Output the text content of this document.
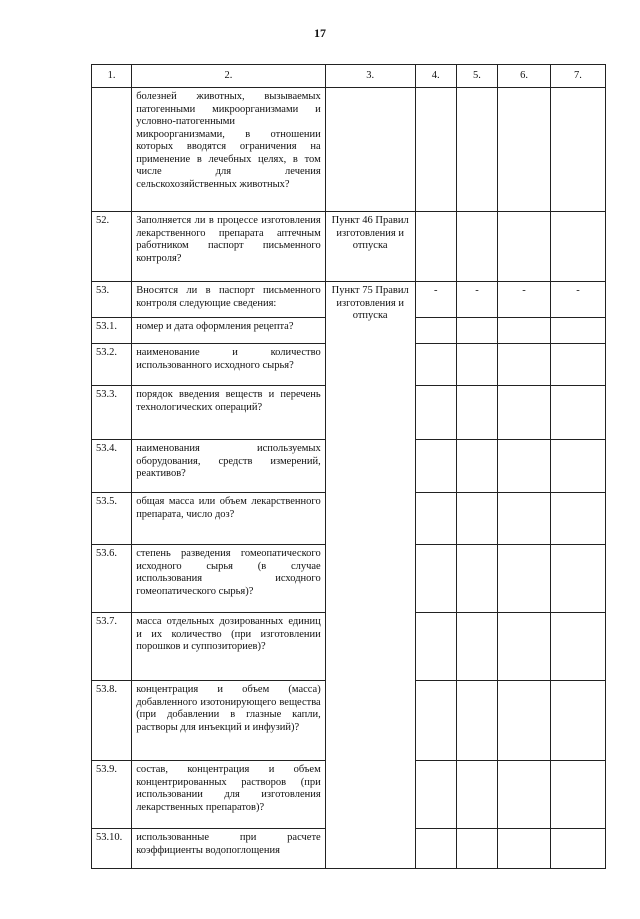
17
1.	2.	3.	4.	5.	6.	7.
	болезней животных, вызываемых патогенными микроорганизмами и условно-патогенными микроорганизмами, в отношении которых вводятся ограничения на применение в лечебных целях, в том числе для лечения сельскохозяйственных животных?					
52.	Заполняется ли в процессе изготовления лекарственного препарата аптечным работником паспорт письменного контроля?	Пункт 46 Правил изготовления и отпуска				
53.	Вносятся ли в паспорт письменного контроля следующие сведения:	Пункт 75 Правил изготовления и отпуска	-	-	-	-
53.1.	номер и дата оформления рецепта?					
53.2.	наименование и количество использованного исходного сырья?					
53.3.	порядок введения веществ и перечень технологических операций?					
53.4.	наименования используемых оборудования, средств измерений, реактивов?					
53.5.	общая масса или объем лекарственного препарата, число доз?					
53.6.	степень разведения гомеопатического исходного сырья (в случае использования исходного гомеопатического сырья)?					
53.7.	масса отдельных дозированных единиц и их количество (при изготовлении порошков и суппозиториев)?					
53.8.	концентрация и объем (масса) добавленного изотонирующего вещества (при добавлении в глазные капли, растворы для инъекций и инфузий)?					
53.9.	состав, концентрация и объем концентрированных растворов (при использовании для изготовления лекарственных препаратов)?					
53.10.	использованные при расчете коэффициенты водопоглощения					
